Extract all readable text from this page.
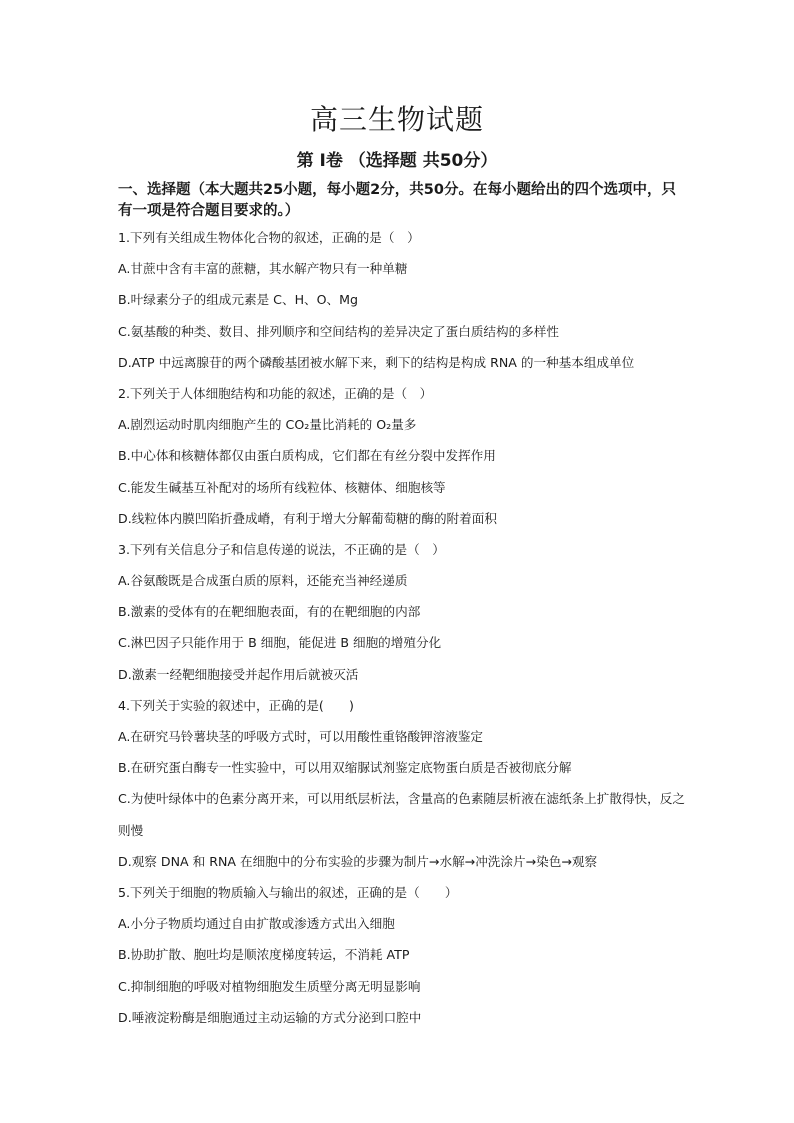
高三生物试题
第 Ⅰ卷 （选择题 共50分）
一、选择题（本大题共25小题，每小题2分，共50分。在每小题给出的四个选项中，只有一项是符合题目要求的。）
1.下列有关组成生物体化合物的叙述，正确的是（　）
A.甘蔗中含有丰富的蔗糖，其水解产物只有一种单糖
B.叶绿素分子的组成元素是 C、H、O、Mg
C.氨基酸的种类、数目、排列顺序和空间结构的差异决定了蛋白质结构的多样性
D.ATP 中远离腺苷的两个磷酸基团被水解下来，剩下的结构是构成 RNA 的一种基本组成单位
2.下列关于人体细胞结构和功能的叙述，正确的是（　）
A.剧烈运动时肌肉细胞产生的 CO₂量比消耗的 O₂量多
B.中心体和核糖体都仅由蛋白质构成，它们都在有丝分裂中发挥作用
C.能发生碱基互补配对的场所有线粒体、核糖体、细胞核等
D.线粒体内膜凹陷折叠成嵴，有利于增大分解葡萄糖的酶的附着面积
3.下列有关信息分子和信息传递的说法，不正确的是（　）
A.谷氨酸既是合成蛋白质的原料，还能充当神经递质
B.激素的受体有的在靶细胞表面，有的在靶细胞的内部
C.淋巴因子只能作用于 B 细胞，能促进 B 细胞的增殖分化
D.激素一经靶细胞接受并起作用后就被灭活
4.下列关于实验的叙述中，正确的是(　　)
A.在研究马铃薯块茎的呼吸方式时，可以用酸性重铬酸钾溶液鉴定
B.在研究蛋白酶专一性实验中，可以用双缩脲试剂鉴定底物蛋白质是否被彻底分解
C.为使叶绿体中的色素分离开来，可以用纸层析法，含量高的色素随层析液在滤纸条上扩散得快，反之则慢
D.观察 DNA 和 RNA 在细胞中的分布实验的步骤为制片→水解→冲洗涂片→染色→观察
5.下列关于细胞的物质输入与输出的叙述，正确的是（　　）
A.小分子物质均通过自由扩散或渗透方式出入细胞
B.协助扩散、胞吐均是顺浓度梯度转运，不消耗 ATP
C.抑制细胞的呼吸对植物细胞发生质壁分离无明显影响
D.唾液淀粉酶是细胞通过主动运输的方式分泌到口腔中
